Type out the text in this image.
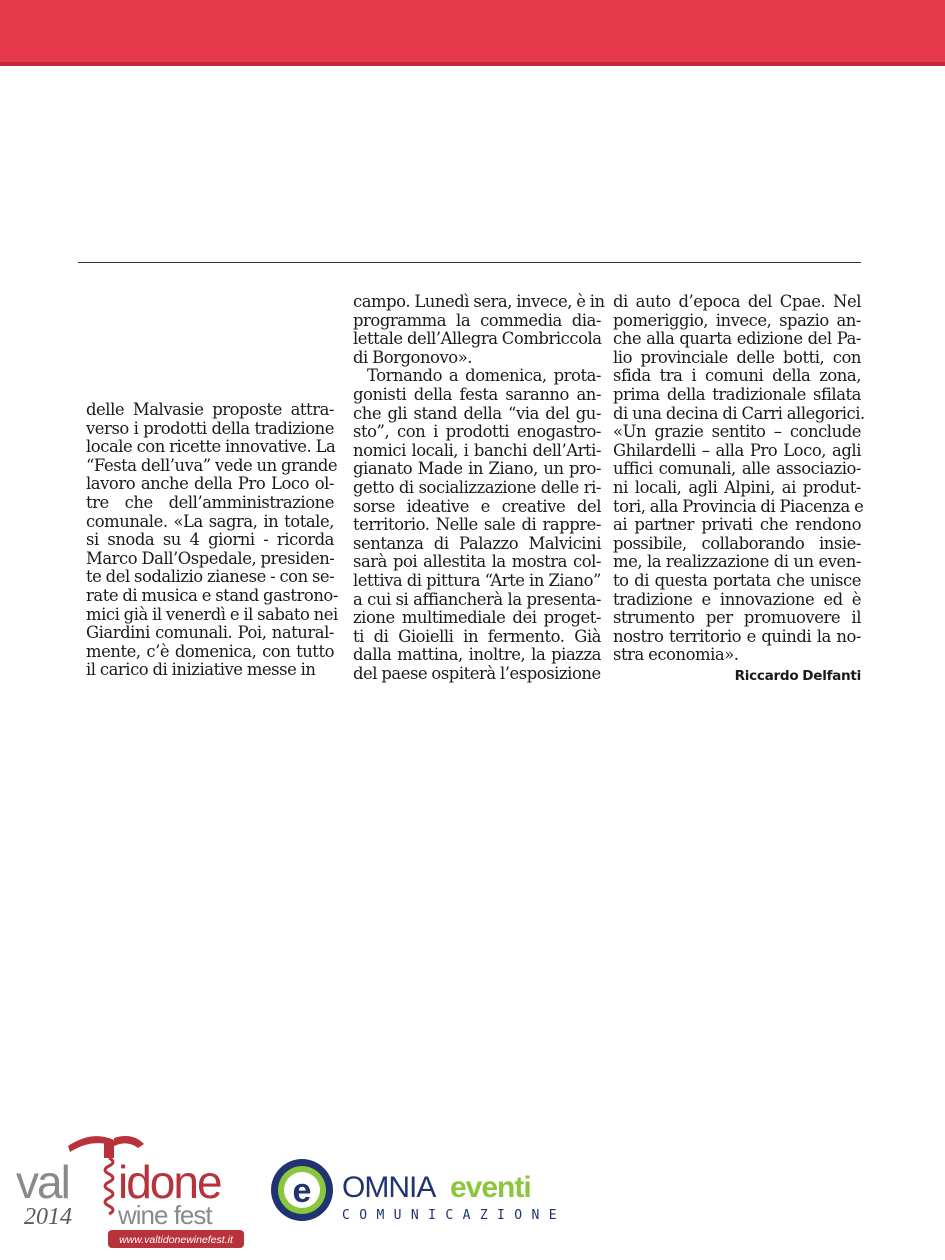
delle Malvasie proposte attra-
verso i prodotti della tradizione
locale con ricette innovative. La
“Festa dell’uva” vede un grande
lavoro anche della Pro Loco ol-
tre che dell’amministrazione
comunale. «La sagra, in totale,
si snoda su 4 giorni - ricorda
Marco Dall’Ospedale, presiden-
te del sodalizio zianese - con se-
rate di musica e stand gastrono-
mici già il venerdì e il sabato nei
Giardini comunali. Poi, natural-
mente, c’è domenica, con tutto
il carico di iniziative messe in
campo. Lunedì sera, invece, è in
programma la commedia dia-
lettale dell’Allegra Combriccola
di Borgonovo».
Tornando a domenica, prota-
gonisti della festa saranno an-
che gli stand della “via del gu-
sto”, con i prodotti enogastro-
nomici locali, i banchi dell’Arti-
gianato Made in Ziano, un pro-
getto di socializzazione delle ri-
sorse ideative e creative del
territorio. Nelle sale di rappre-
sentanza di Palazzo Malvicini
sarà poi allestita la mostra col-
lettiva di pittura “Arte in Ziano”
a cui si affiancherà la presenta-
zione multimediale dei proget-
ti di Gioielli in fermento. Già
dalla mattina, inoltre, la piazza
del paese ospiterà l’esposizione
di auto d’epoca del Cpae. Nel
pomeriggio, invece, spazio an-
che alla quarta edizione del Pa-
lio provinciale delle botti, con
sfida tra i comuni della zona,
prima della tradizionale sfilata
di una decina di Carri allegorici.
«Un grazie sentito – conclude
Ghilardelli – alla Pro Loco, agli
uffici comunali, alle associazio-
ni locali, agli Alpini, ai produt-
tori, alla Provincia di Piacenza e
ai partner privati che rendono
possibile, collaborando insie-
me, la realizzazione di un even-
to di questa portata che unisce
tradizione e innovazione ed è
strumento per promuovere il
nostro territorio e quindi la no-
stra economia».
Riccardo Delfanti
val idone
2014 wine fest
www.valtidonewinefest.it
e OMNIA eventi
COMUNICAZIONE
